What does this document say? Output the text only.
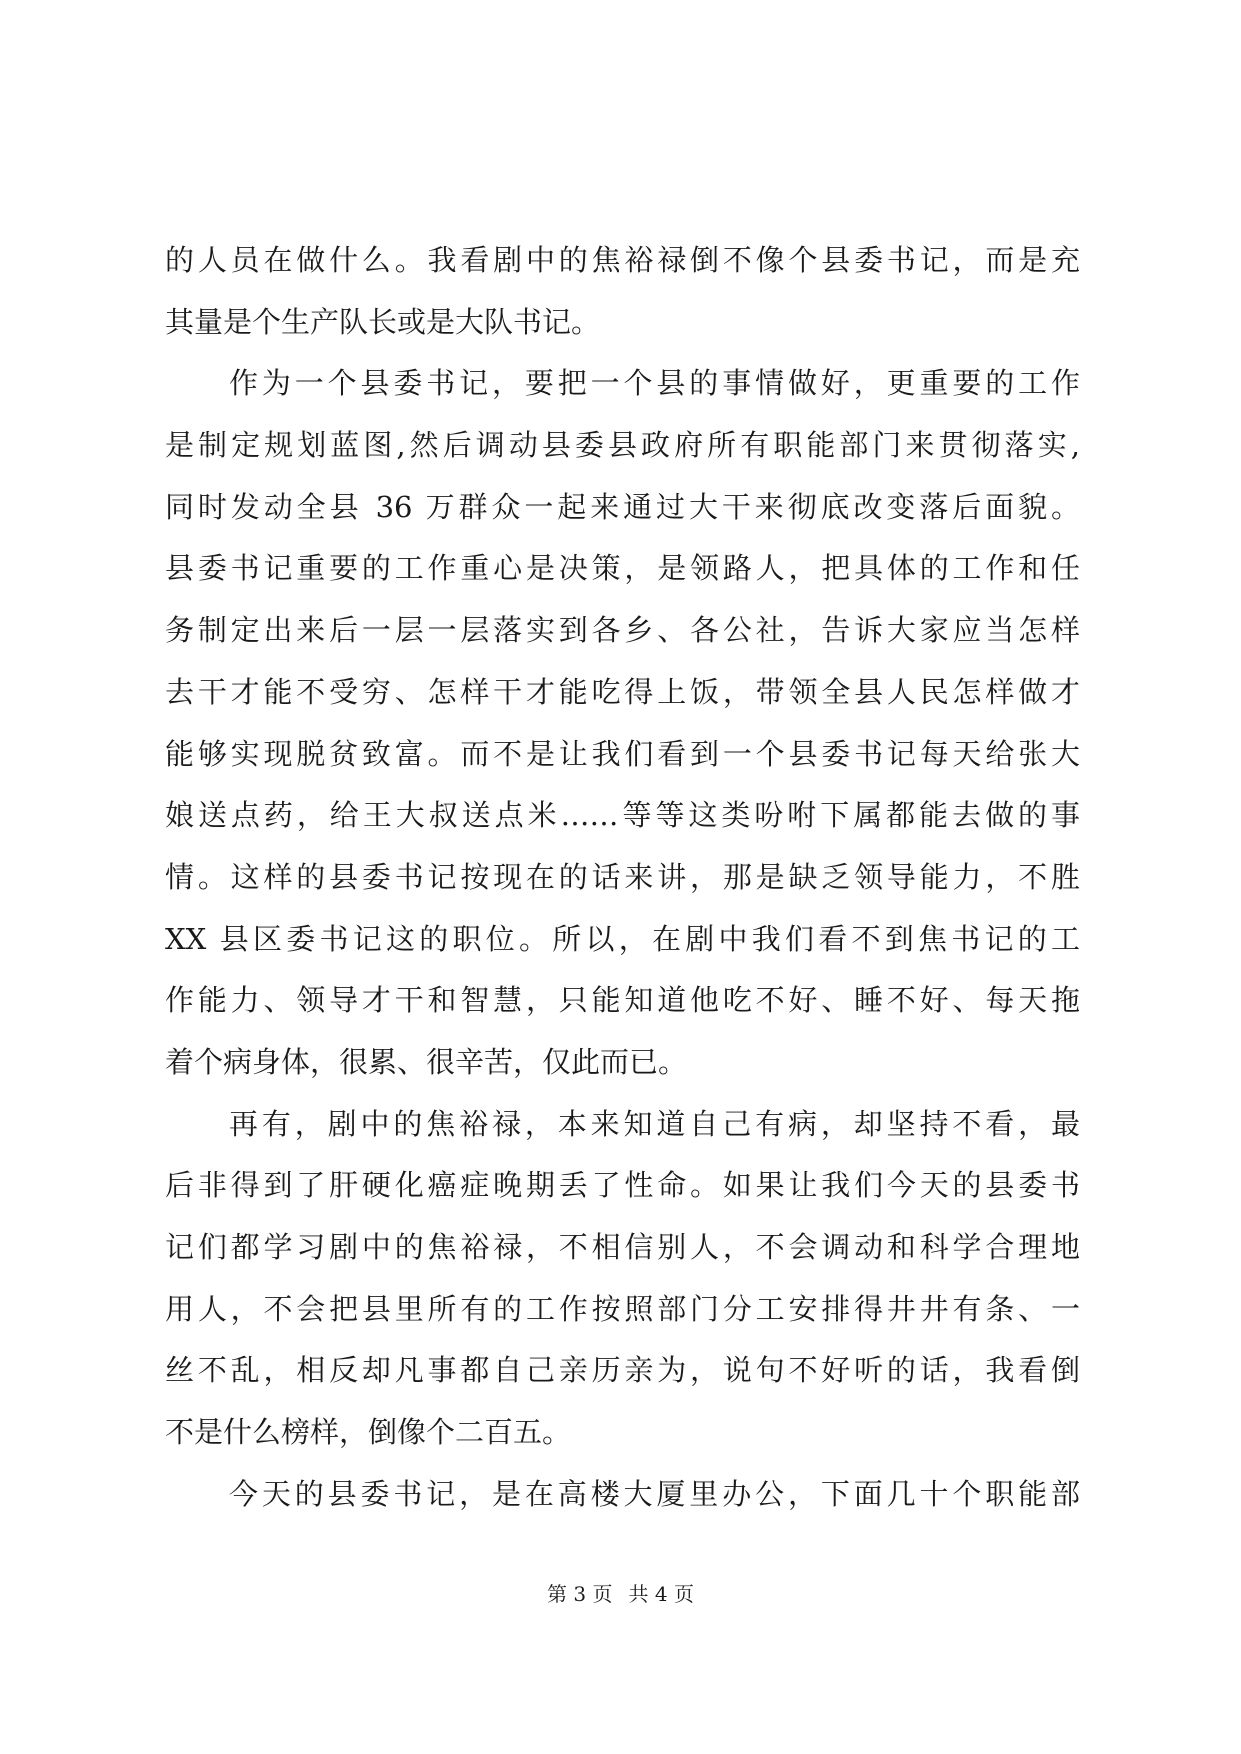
的人员在做什么。我看剧中的焦裕禄倒不像个县委书记，而是充
其量是个生产队长或是大队书记。
作为一个县委书记，要把一个县的事情做好，更重要的工作
是制定规划蓝图,然后调动县委县政府所有职能部门来贯彻落实,
同时发动全县 36 万群众一起来通过大干来彻底改变落后面貌。
县委书记重要的工作重心是决策，是领路人，把具体的工作和任
务制定出来后一层一层落实到各乡、各公社，告诉大家应当怎样
去干才能不受穷、怎样干才能吃得上饭，带领全县人民怎样做才
能够实现脱贫致富。而不是让我们看到一个县委书记每天给张大
娘送点药，给王大叔送点米……等等这类吩咐下属都能去做的事
情。这样的县委书记按现在的话来讲，那是缺乏领导能力，不胜
XX 县区委书记这的职位。所以，在剧中我们看不到焦书记的工
作能力、领导才干和智慧，只能知道他吃不好、睡不好、每天拖
着个病身体，很累、很辛苦，仅此而已。
再有，剧中的焦裕禄，本来知道自己有病，却坚持不看，最
后非得到了肝硬化癌症晚期丢了性命。如果让我们今天的县委书
记们都学习剧中的焦裕禄，不相信别人，不会调动和科学合理地
用人，不会把县里所有的工作按照部门分工安排得井井有条、一
丝不乱，相反却凡事都自己亲历亲为，说句不好听的话，我看倒
不是什么榜样，倒像个二百五。
今天的县委书记，是在高楼大厦里办公，下面几十个职能部
第 3 页 共 4 页
